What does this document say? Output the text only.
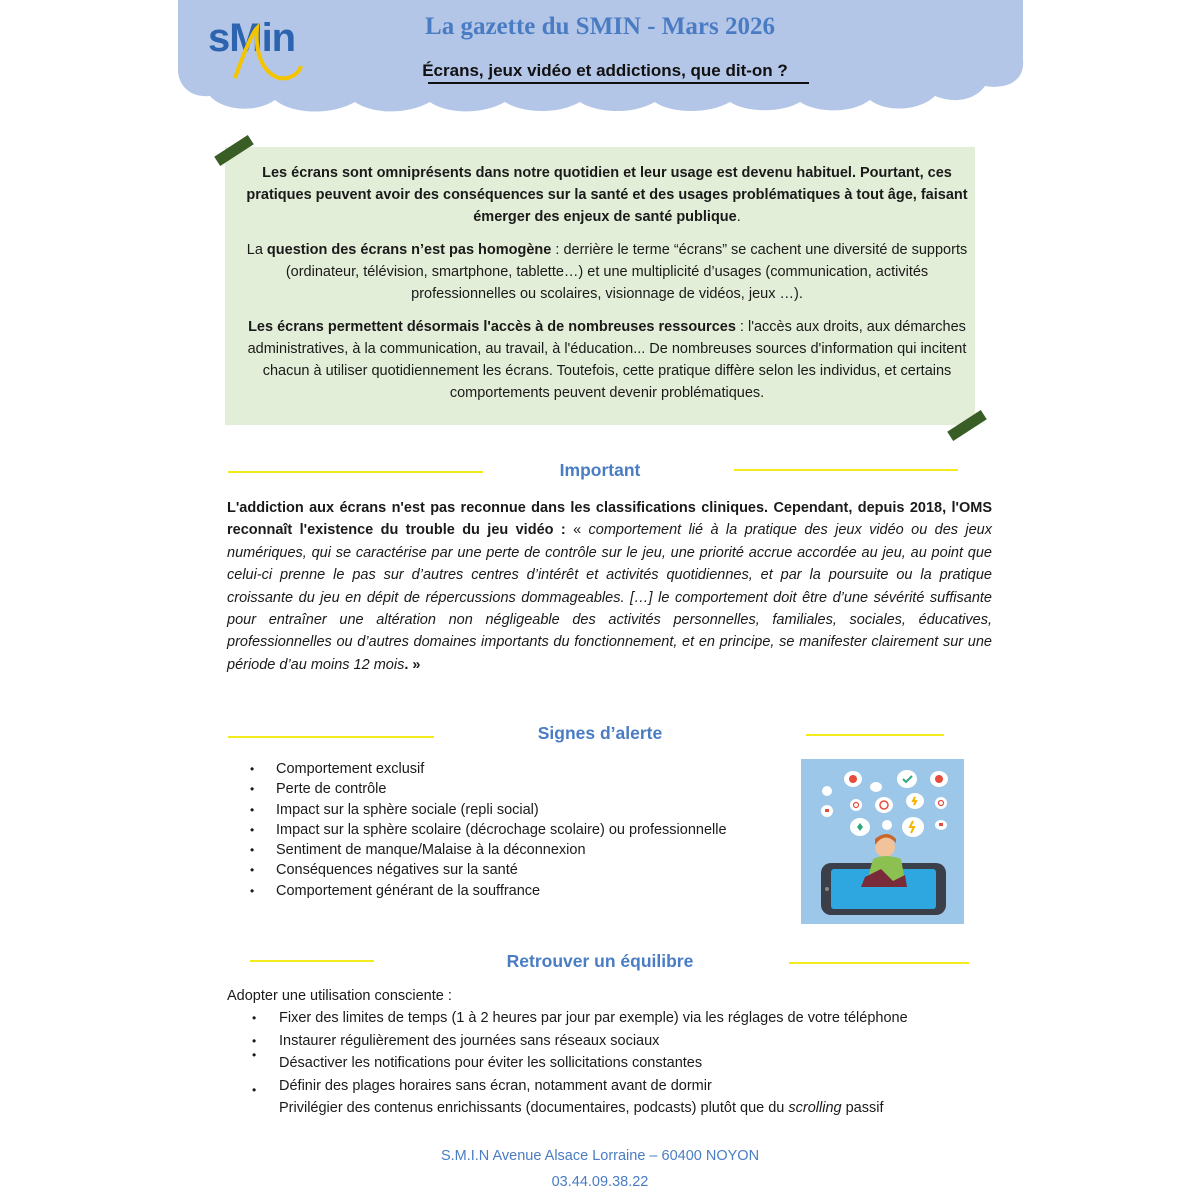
sMin	La gazette du SMIN - Mars 2026
Écrans, jeux vidéo et addictions, que dit-on ?
Les écrans sont omniprésents dans notre quotidien et leur usage est devenu habituel. Pourtant, ces pratiques peuvent avoir des conséquences sur la santé et des usages problématiques à tout âge, faisant émerger des enjeux de santé publique.
La question des écrans n’est pas homogène : derrière le terme “écrans” se cachent une diversité de supports (ordinateur, télévision, smartphone, tablette…) et une multiplicité d’usages (communication, activités professionnelles ou scolaires, visionnage de vidéos, jeux …).
Les écrans permettent désormais l'accès à de nombreuses ressources : l'accès aux droits, aux démarches administratives, à la communication, au travail, à l'éducation... De nombreuses sources d'information qui incitent chacun à utiliser quotidiennement les écrans. Toutefois, cette pratique diffère selon les individus, et certains comportements peuvent devenir problématiques.
Important
L'addiction aux écrans n'est pas reconnue dans les classifications cliniques. Cependant, depuis 2018, l'OMS reconnaît l'existence du trouble du jeu vidéo : « comportement lié à la pratique des jeux vidéo ou des jeux numériques, qui se caractérise par une perte de contrôle sur le jeu, une priorité accrue accordée au jeu, au point que celui-ci prenne le pas sur d’autres centres d’intérêt et activités quotidiennes, et par la poursuite ou la pratique croissante du jeu en dépit de répercussions dommageables. […] le comportement doit être d’une sévérité suffisante pour entraîner une altération non négligeable des activités personnelles, familiales, sociales, éducatives, professionnelles ou d’autres domaines importants du fonctionnement, et en principe, se manifester clairement sur une période d’au moins 12 mois. »
Signes d’alerte
• Comportement exclusif
• Perte de contrôle
• Impact sur la sphère sociale (repli social)
• Impact sur la sphère scolaire (décrochage scolaire) ou professionnelle
• Sentiment de manque/Malaise à la déconnexion
• Conséquences négatives sur la santé
• Comportement générant de la souffrance
Retrouver un équilibre
Adopter une utilisation consciente :
•
•
•
•
Fixer des limites de temps (1 à 2 heures par jour par exemple) via les réglages de votre téléphone
Instaurer régulièrement des journées sans réseaux sociaux
Désactiver les notifications pour éviter les sollicitations constantes
Définir des plages horaires sans écran, notamment avant de dormir
Privilégier des contenus enrichissants (documentaires, podcasts) plutôt que du scrolling passif
S.M.I.N Avenue Alsace Lorraine – 60400 NOYON
03.44.09.38.22
